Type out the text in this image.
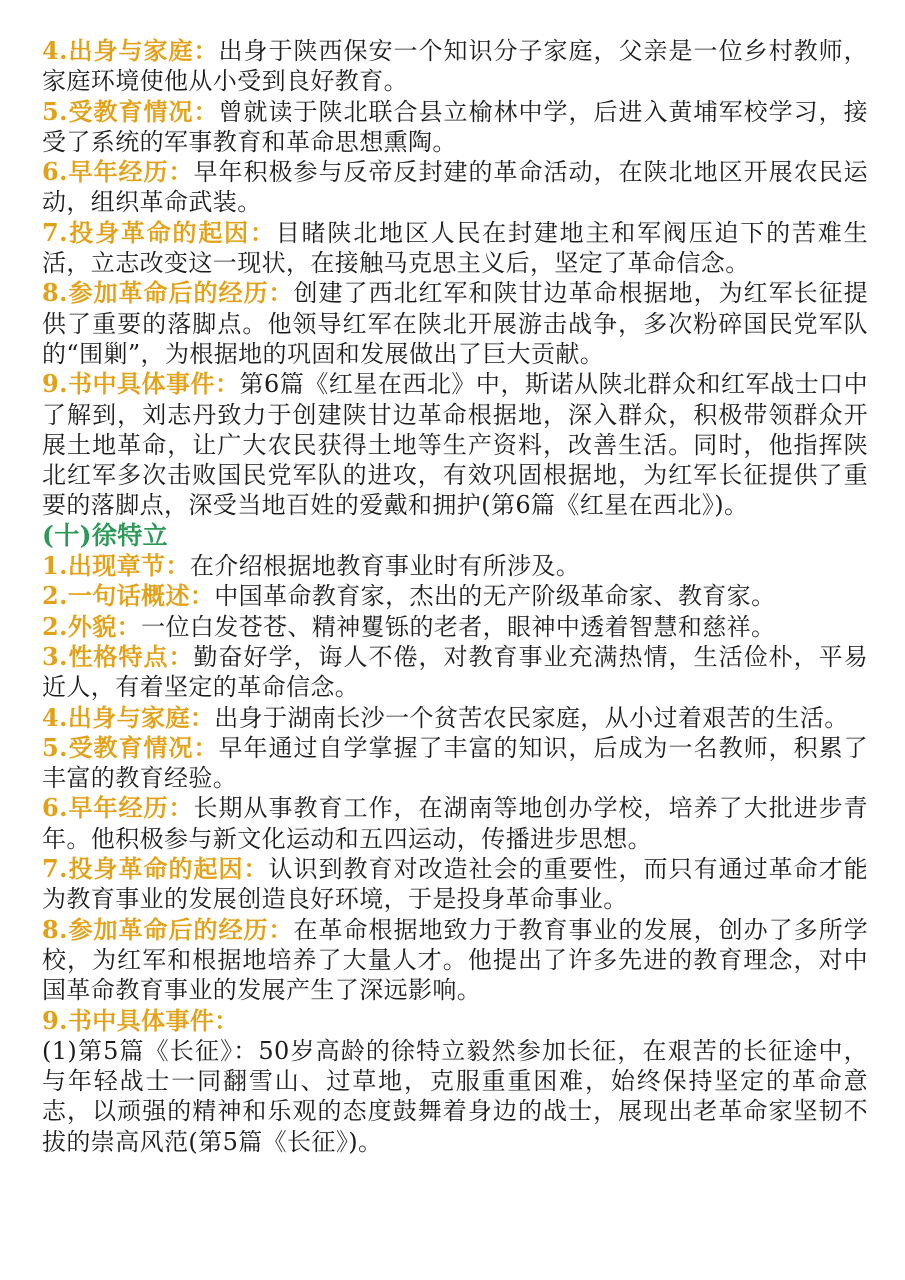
4.出身与家庭：出身于陕西保安一个知识分子家庭，父亲是一位乡村教师，家庭环境使他从小受到良好教育。

5.受教育情况：曾就读于陕北联合县立榆林中学，后进入黄埔军校学习，接受了系统的军事教育和革命思想熏陶。

6.早年经历：早年积极参与反帝反封建的革命活动，在陕北地区开展农民运动，组织革命武装。

7.投身革命的起因：目睹陕北地区人民在封建地主和军阀压迫下的苦难生活，立志改变这一现状，在接触马克思主义后，坚定了革命信念。

8.参加革命后的经历：创建了西北红军和陕甘边革命根据地，为红军长征提供了重要的落脚点。他领导红军在陕北开展游击战争，多次粉碎国民党军队的“围剿”，为根据地的巩固和发展做出了巨大贡献。

9.书中具体事件：第6篇《红星在西北》中，斯诺从陕北群众和红军战士口中了解到，刘志丹致力于创建陕甘边革命根据地，深入群众，积极带领群众开展土地革命，让广大农民获得土地等生产资料，改善生活。同时，他指挥陕北红军多次击败国民党军队的进攻，有效巩固根据地，为红军长征提供了重要的落脚点，深受当地百姓的爱戴和拥护(第6篇《红星在西北》)。

(十)徐特立

1.出现章节：在介绍根据地教育事业时有所涉及。

2.一句话概述：中国革命教育家，杰出的无产阶级革命家、教育家。

2.外貌：一位白发苍苍、精神矍铄的老者，眼神中透着智慧和慈祥。

3.性格特点：勤奋好学，诲人不倦，对教育事业充满热情，生活俭朴，平易近人，有着坚定的革命信念。

4.出身与家庭：出身于湖南长沙一个贫苦农民家庭，从小过着艰苦的生活。

5.受教育情况：早年通过自学掌握了丰富的知识，后成为一名教师，积累了丰富的教育经验。

6.早年经历：长期从事教育工作，在湖南等地创办学校，培养了大批进步青年。他积极参与新文化运动和五四运动，传播进步思想。

7.投身革命的起因：认识到教育对改造社会的重要性，而只有通过革命才能为教育事业的发展创造良好环境，于是投身革命事业。

8.参加革命后的经历：在革命根据地致力于教育事业的发展，创办了多所学校，为红军和根据地培养了大量人才。他提出了许多先进的教育理念，对中国革命教育事业的发展产生了深远影响。

9.书中具体事件：

(1)第5篇《长征》：50岁高龄的徐特立毅然参加长征，在艰苦的长征途中，与年轻战士一同翻雪山、过草地，克服重重困难，始终保持坚定的革命意志，以顽强的精神和乐观的态度鼓舞着身边的战士，展现出老革命家坚韧不拔的崇高风范(第5篇《长征》)。
